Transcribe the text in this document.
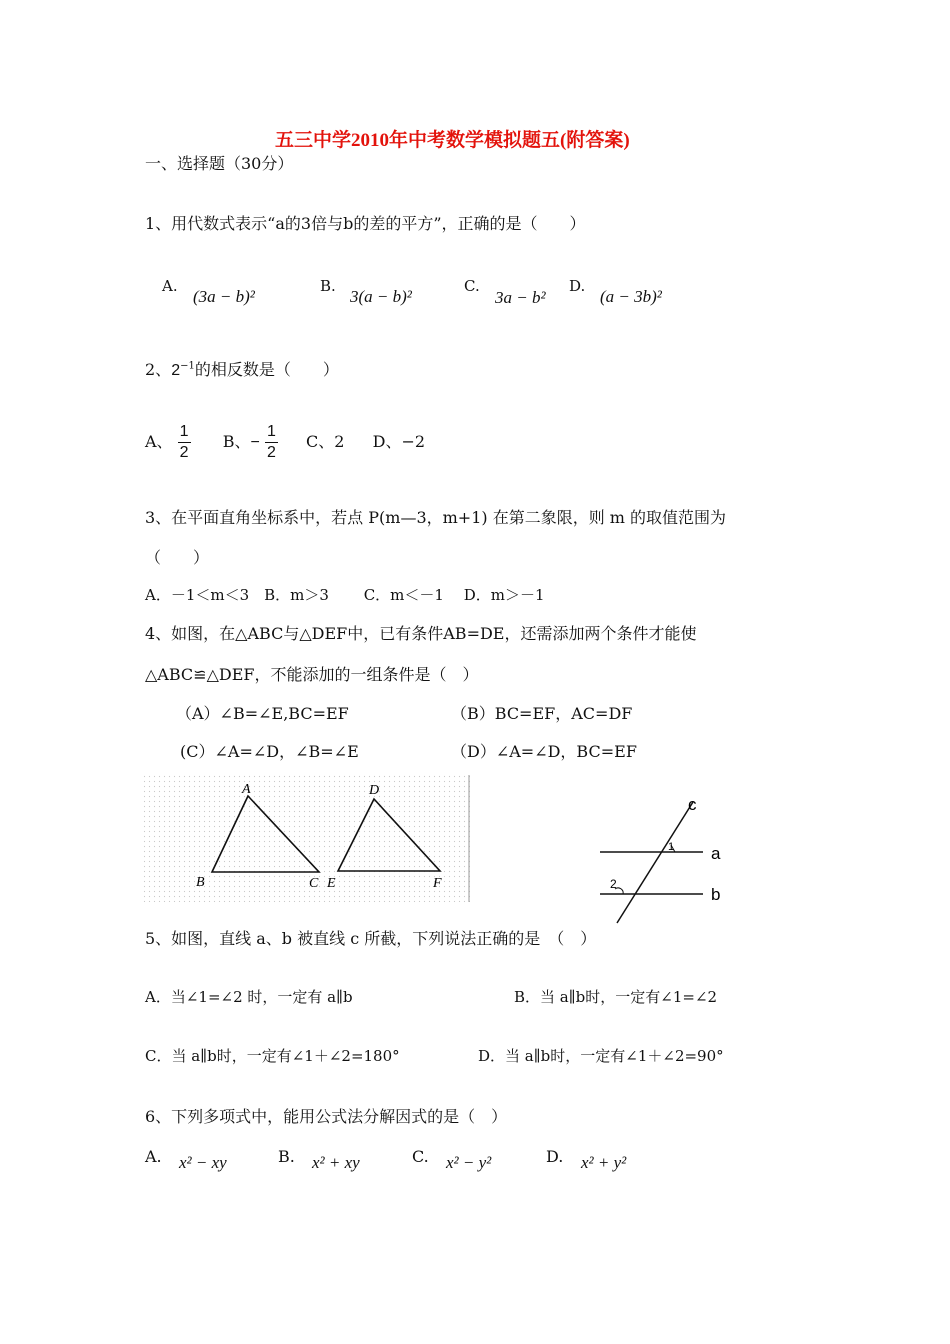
五三中学2010年中考数学模拟题五(附答案)
一、选择题（30分）
1、用代数式表示“a的3倍与b的差的平方”，正确的是（　　）
A.
(3a − b)²
B.
3(a − b)²
C.
3a − b²
D.
(a − 3b)²
2、$2^{-1}$的相反数是（　　）
A、 $\frac{1}{2}$ B、− $\frac{1}{2}$ C、2 D、−2
3、在平面直角坐标系中，若点 P(m—3，m+1) 在第二象限，则 m 的取值范围为
（　　）
A．－1＜m＜3　B．m＞3　　 C．m＜－1　 D．m＞－1
4、如图，在△ABC与△DEF中，已有条件AB=DE，还需添加两个条件才能使
△ABC≌△DEF，不能添加的一组条件是（　）
（A）∠B=∠E,BC=EF	（B）BC=EF，AC=DF
(C）∠A=∠D，∠B=∠E	（D）∠A=∠D，BC=EF
A
B	C
D
E	F
c
1 a
2
b
5、如图，直线 a、b 被直线 c 所截，下列说法正确的是　（　）
A．当∠1=∠2 时，一定有 a∥b	B．当 a∥b时，一定有∠1=∠2
C．当 a∥b时，一定有∠1＋∠2=180°	D．当 a∥b时，一定有∠1＋∠2=90°
6、下列多项式中，能用公式法分解因式的是（　）
A. x² − xy	B. x² + xy	C. x² − y²	D. x² + y²
